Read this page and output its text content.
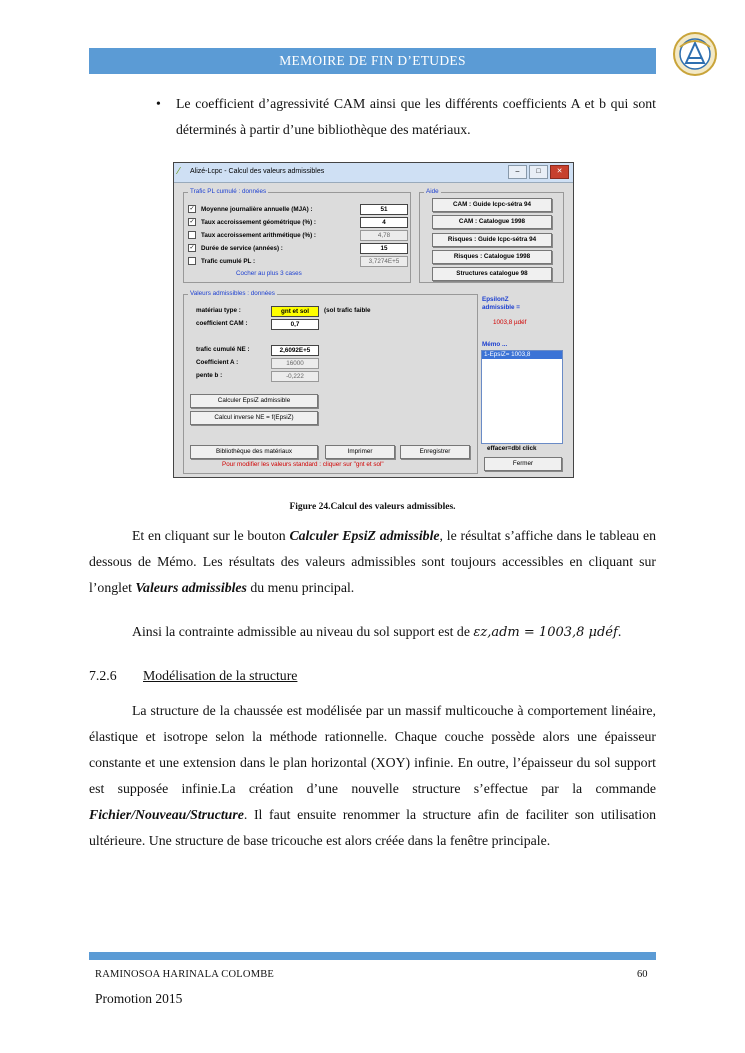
MEMOIRE DE FIN D’ETUDES
• Le coefficient d’agressivité CAM ainsi que les différents coefficients A et b qui sont déterminés à partir d’une bibliothèque des matériaux.
⁄	Alizé-Lcpc - Calcul des valeurs admissibles	–	□	✕
Trafic PL cumulé : données
✓ Moyenne journalière annuelle (MJA) :	51
✓ Taux accroissement géométrique (%) :	4
Taux accroissement arithmétique (%) :	4,78
✓ Durée de service (années) :	15
Trafic cumulé PL :	3,7274E+5
Cocher au plus 3 cases
Aide
CAM : Guide lcpc-sétra 94
CAM : Catalogue 1998
Risques : Guide lcpc-sétra 94
Risques : Catalogue 1998
Structures catalogue 98
Valeurs admissibles : données
matériau type :	gnt et sol	(sol trafic faible
coefficient CAM :	0,7
trafic cumulé NE :	2,6092E+5
Coefficient A :	16000
pente b :	-0,222
Calculer EpsiZ admissible
Calcul inverse NE = f(EpsiZ)
Bibliothèque des matériaux	Imprimer	Enregistrer
Pour modifier les valeurs standard : cliquer sur "gnt et sol"
EpsilonZ
admissible =
1003,8 µdéf
Mémo ...
1-EpsiZ= 1003,8
effacer=dbl click
Fermer
Figure 24.Calcul des valeurs admissibles.
Et en cliquant sur le bouton Calculer EpsiZ admissible, le résultat s’affiche dans le tableau en dessous de Mémo. Les résultats des valeurs admissibles sont toujours accessibles en cliquant sur l’onglet Valeurs admissibles du menu principal.
Ainsi la contrainte admissible au niveau du sol support est de εz,adm = 1003,8 μdéf.
7.2.6 Modélisation de la structure
La structure de la chaussée est modélisée par un massif multicouche à comportement linéaire, élastique et isotrope selon la méthode rationnelle. Chaque couche possède alors une épaisseur constante et une extension dans le plan horizontal (XOY) infinie. En outre, l’épaisseur du sol support est supposée infinie.La création d’une nouvelle structure s’effectue par la commande Fichier/Nouveau/Structure. Il faut ensuite renommer la structure afin de faciliter son utilisation ultérieure. Une structure de base tricouche est alors créée dans la fenêtre principale.
RAMINOSOA HARINALA COLOMBE	60
Promotion 2015
